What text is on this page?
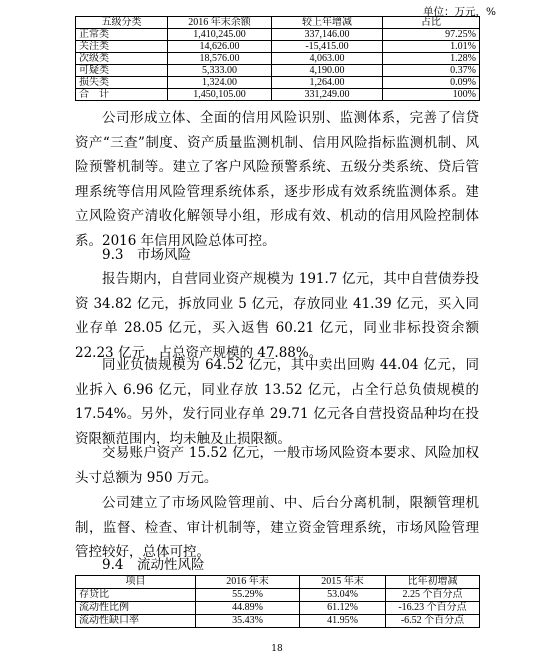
单位：万元，%
五级分类	2016 年末余额	较上年增减	占比
正常类	1,410,245.00	337,146.00	97.25%
关注类	14,626.00	-15,415.00	1.01%
次级类	18,576.00	4,063.00	1.28%
可疑类	5,333.00	4,190.00	0.37%
损失类	1,324.00	1,264.00	0.09%
合　计	1,450,105.00	331,249.00	100%

公司形成立体、全面的信用风险识别、监测体系，完善了信贷资产“三查”制度、资产质量监测机制、信用风险指标监测机制、风险预警机制等。建立了客户风险预警系统、五级分类系统、贷后管理系统等信用风险管理系统体系，逐步形成有效系统监测体系。建立风险资产清收化解领导小组，形成有效、机动的信用风险控制体系。2016 年信用风险总体可控。

9.3　市场风险

报告期内，自营同业资产规模为 191.7 亿元，其中自营债券投资 34.82 亿元，拆放同业 5 亿元，存放同业 41.39 亿元，买入同业存单 28.05 亿元，买入返售 60.21 亿元，同业非标投资余额 22.23 亿元，占总资产规模的 47.88%。

同业负债规模为 64.52 亿元，其中卖出回购 44.04 亿元，同业拆入 6.96 亿元，同业存放 13.52 亿元，占全行总负债规模的 17.54%。另外，发行同业存单 29.71 亿元各自营投资品种均在投资限额范围内，均未触及止损限额。

交易账户资产 15.52 亿元，一般市场风险资本要求、风险加权头寸总额为 950 万元。

公司建立了市场风险管理前、中、后台分离机制，限额管理机制，监督、检查、审计机制等，建立资金管理系统，市场风险管理管控较好，总体可控。

9.4　流动性风险
项目	2016 年末	2015 年末	比年初增减
存贷比	55.29%	53.04%	2.25 个百分点
流动性比例	44.89%	61.12%	-16.23 个百分点
流动性缺口率	35.43%	41.95%	-6.52 个百分点
18
